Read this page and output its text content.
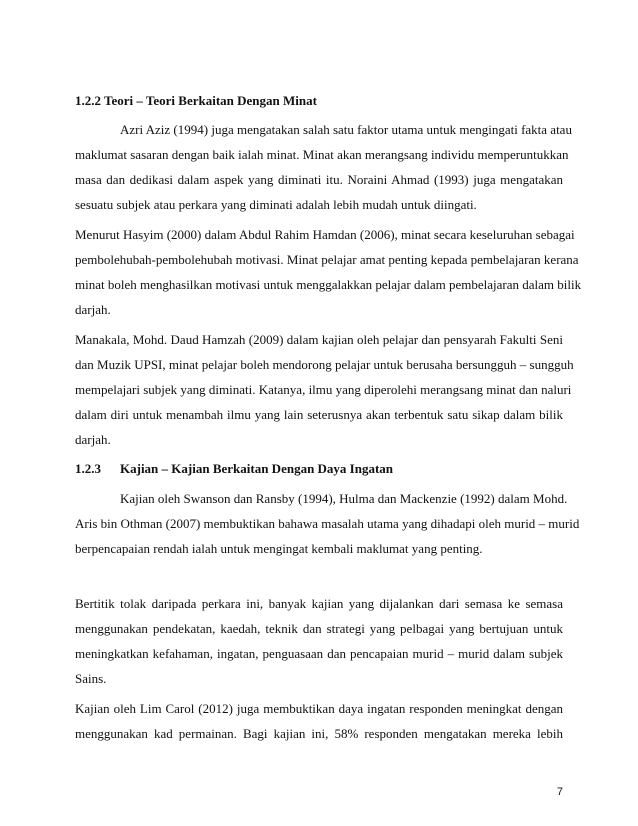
1.2.2 Teori – Teori Berkaitan Dengan Minat
Azri Aziz (1994) juga mengatakan salah satu faktor utama untuk mengingati fakta atau
maklumat sasaran dengan baik ialah minat. Minat akan merangsang individu memperuntukkan
masa dan dedikasi dalam aspek yang diminati itu. Noraini Ahmad (1993) juga mengatakan
sesuatu subjek atau perkara yang diminati adalah lebih mudah untuk diingati.
Menurut Hasyim (2000) dalam Abdul Rahim Hamdan (2006), minat secara keseluruhan sebagai
pembolehubah-pembolehubah motivasi. Minat pelajar amat penting kepada pembelajaran kerana
minat boleh menghasilkan motivasi untuk menggalakkan pelajar dalam pembelajaran dalam bilik
darjah.
Manakala, Mohd. Daud Hamzah (2009) dalam kajian oleh pelajar dan pensyarah Fakulti Seni
dan Muzik UPSI, minat pelajar boleh mendorong pelajar untuk berusaha bersungguh – sungguh
mempelajari subjek yang diminati. Katanya, ilmu yang diperolehi merangsang minat dan naluri
dalam diri untuk menambah ilmu yang lain seterusnya akan terbentuk satu sikap dalam bilik
darjah.
1.2.3 Kajian – Kajian Berkaitan Dengan Daya Ingatan
Kajian oleh Swanson dan Ransby (1994), Hulma dan Mackenzie (1992) dalam Mohd.
Aris bin Othman (2007) membuktikan bahawa masalah utama yang dihadapi oleh murid – murid
berpencapaian rendah ialah untuk mengingat kembali maklumat yang penting.
Bertitik tolak daripada perkara ini, banyak kajian yang dijalankan dari semasa ke semasa
menggunakan pendekatan, kaedah, teknik dan strategi yang pelbagai yang bertujuan untuk
meningkatkan kefahaman, ingatan, penguasaan dan pencapaian murid – murid dalam subjek
Sains.
Kajian oleh Lim Carol (2012) juga membuktikan daya ingatan responden meningkat dengan
menggunakan kad permainan. Bagi kajian ini, 58% responden mengatakan mereka lebih
7
